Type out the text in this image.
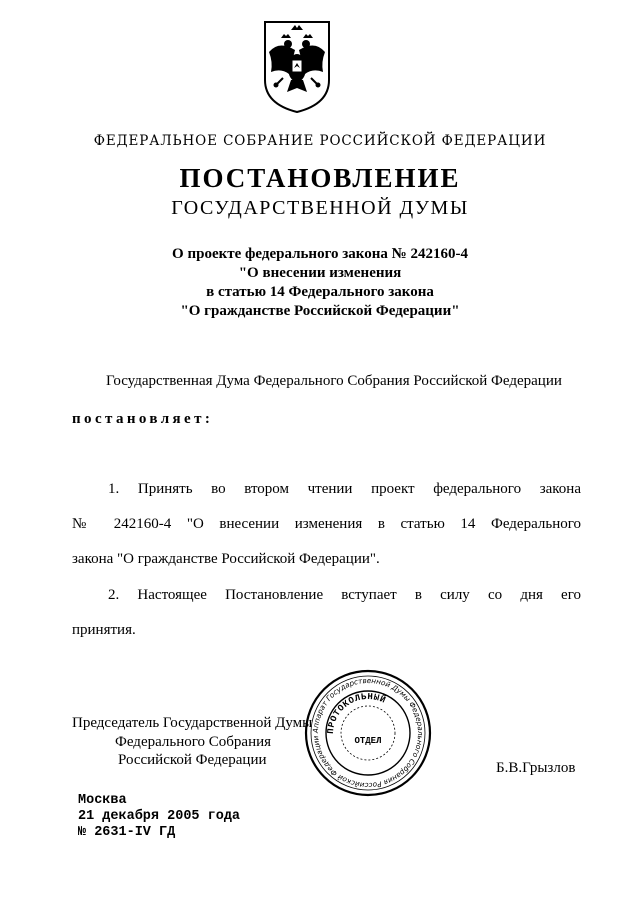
ФЕДЕРАЛЬНОЕ СОБРАНИЕ РОССИЙСКОЙ ФЕДЕРАЦИИ
ПОСТАНОВЛЕНИЕ
ГОСУДАРСТВЕННОЙ ДУМЫ
О проекте федерального закона № 242160-4
"О внесении изменения
в статью 14 Федерального закона
"О гражданстве Российской Федерации"
Государственная Дума Федерального Собрания Российской Федерации
постановляет:
1. Принять во втором чтении проект федерального закона
№ 242160-4 "О внесении изменения в статью 14 Федерального
закона "О гражданстве Российской Федерации".
2. Настоящее Постановление вступает в силу со дня его
принятия.
Председатель Государственной Думы
Федерального Собрания
Российской Федерации	Б.В.Грызлов
Аппарат Государственной Думы Федерального Собрания Российской Федерации
ПРОТОКОЛЬНЫЙ
ОТДЕЛ
Москва
21 декабря 2005 года
№ 2631-IV ГД
